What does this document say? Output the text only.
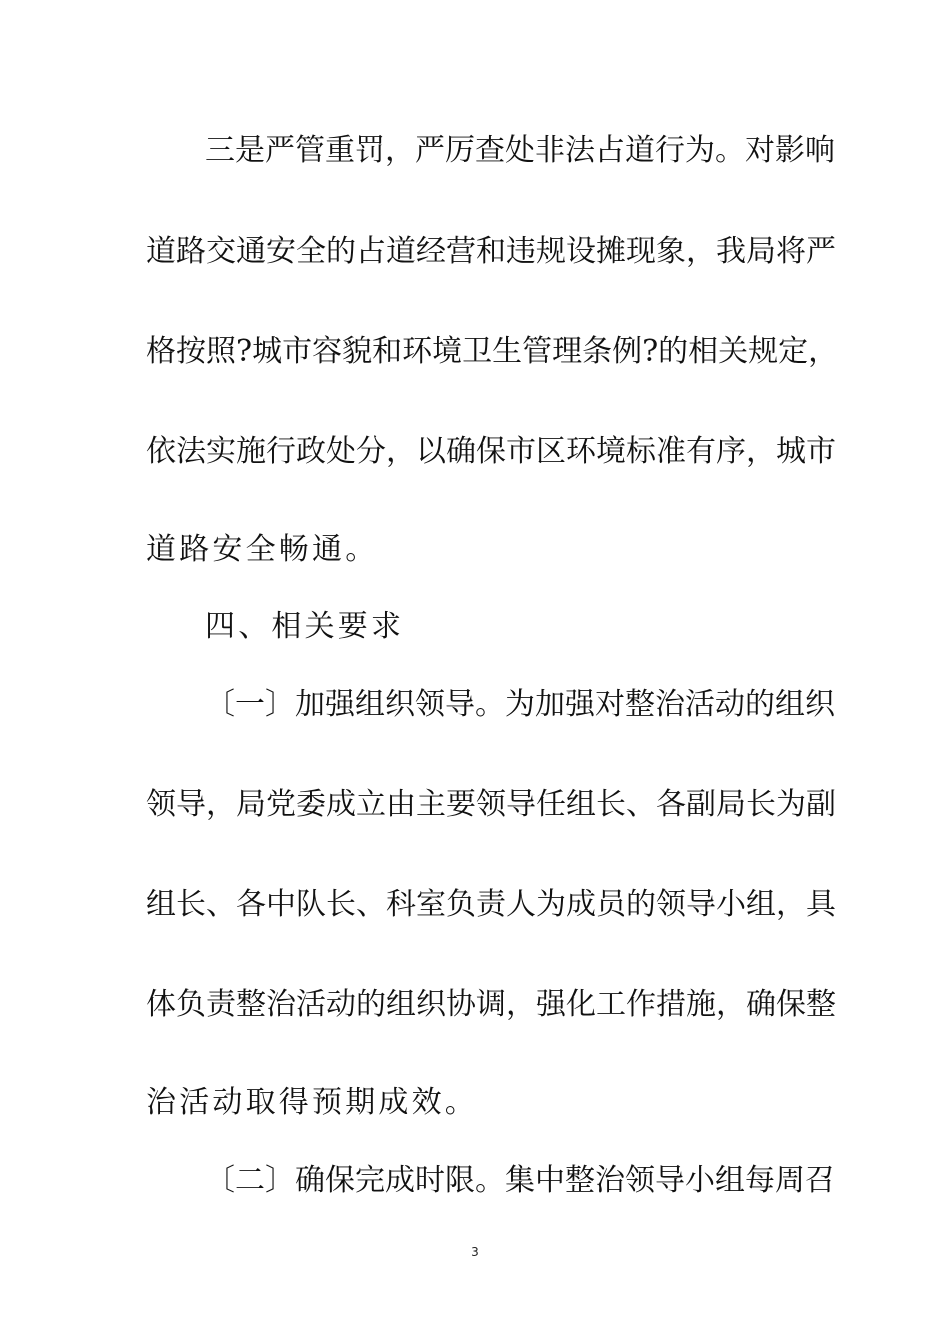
三是严管重罚，严厉查处非法占道行为。对影响
道路交通安全的占道经营和违规设摊现象，我局将严
格按照?城市容貌和环境卫生管理条例?的相关规定，
依法实施行政处分，以确保市区环境标准有序，城市
道路安全畅通。
四、相关要求
〔一〕加强组织领导。为加强对整治活动的组织
领导，局党委成立由主要领导任组长、各副局长为副
组长、各中队长、科室负责人为成员的领导小组，具
体负责整治活动的组织协调，强化工作措施，确保整
治活动取得预期成效。
〔二〕确保完成时限。集中整治领导小组每周召
3
